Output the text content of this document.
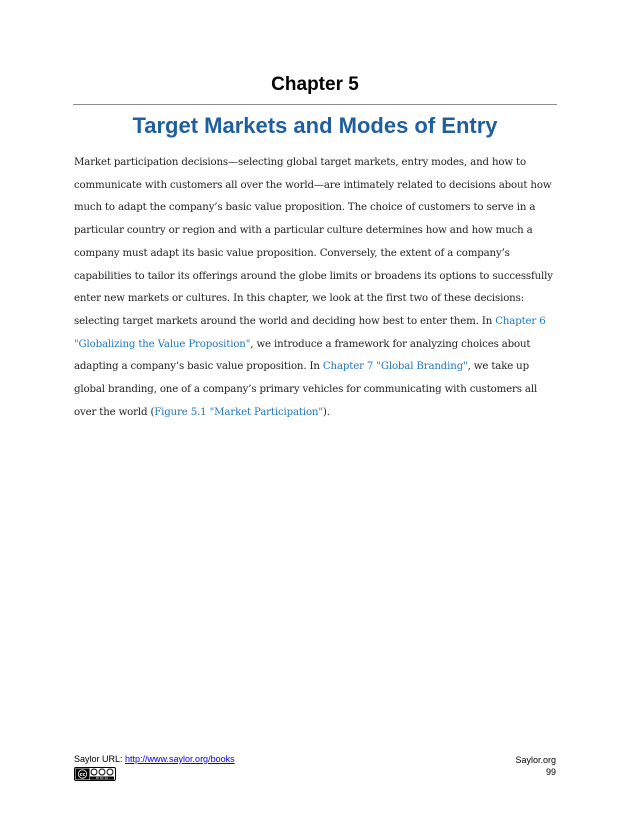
Chapter 5
Target Markets and Modes of Entry

Market participation decisions—selecting global target markets, entry modes, and how to communicate with customers all over the world—are intimately related to decisions about how much to adapt the company’s basic value proposition. The choice of customers to serve in a particular country or region and with a particular culture determines how and how much a company must adapt its basic value proposition. Conversely, the extent of a company’s capabilities to tailor its offerings around the globe limits or broadens its options to successfully enter new markets or cultures. In this chapter, we look at the first two of these decisions: selecting target markets around the world and deciding how best to enter them. In Chapter 6 "Globalizing the Value Proposition", we introduce a framework for analyzing choices about adapting a company’s basic value proposition. In Chapter 7 "Global Branding", we take up global branding, one of a company’s primary vehicles for communicating with customers all over the world (Figure 5.1 "Market Participation").

Saylor URL: http://www.saylor.org/books
cc
BY NC SA
Saylor.org
99
